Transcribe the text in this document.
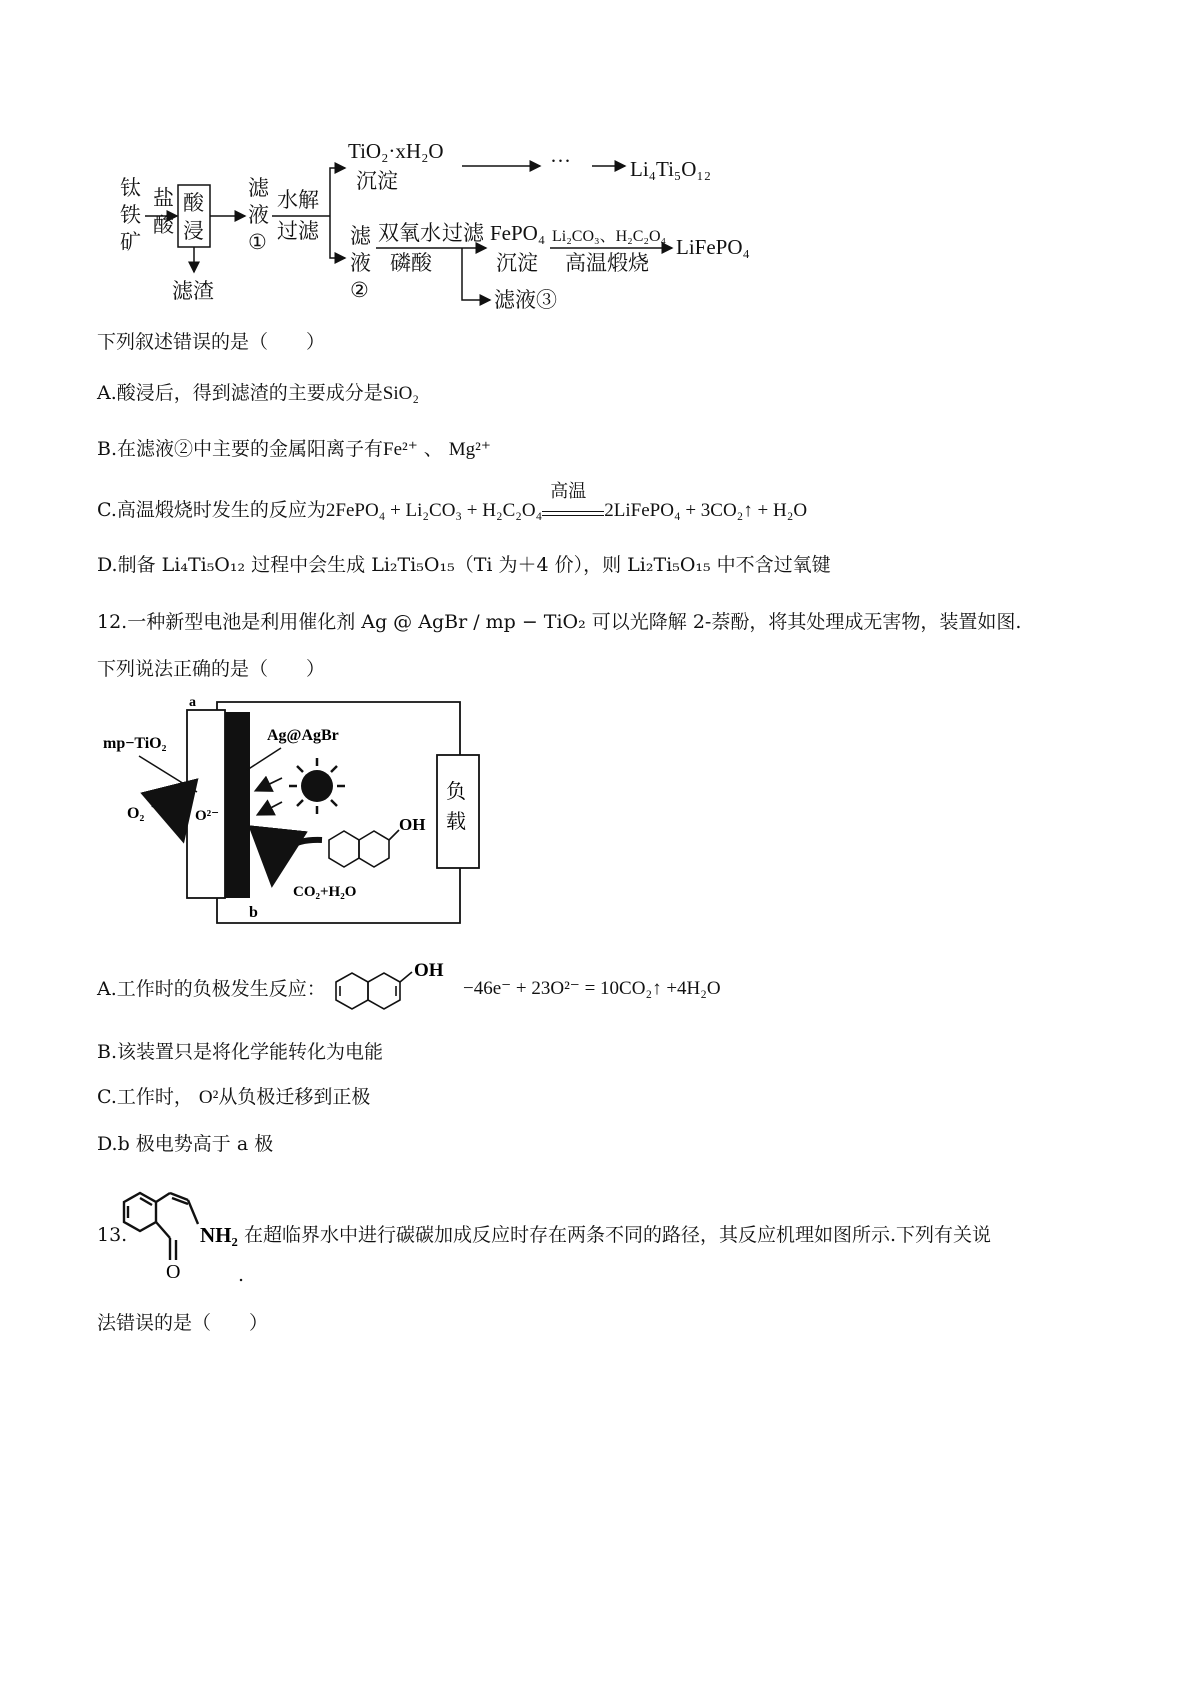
钛
铁
矿
盐
酸
酸
浸
滤渣
滤
液
①
水解
过滤 滤
液
②
双氧水
磷酸
过滤
沉淀
沉淀 高温煅烧
滤液③
TiO₂·xH₂O	···	Li₄Ti₅O₁₂
FePO₄ Li₂CO₃、H₂C₂O₄ LiFePO₄
下列叙述错误的是（　　）
A.酸浸后，得到滤渣的主要成分是SiO₂
B.在滤液②中主要的金属阳离子有Fe²⁺ 、 Mg²⁺
C.高温煅烧时发生的反应为2FePO₄ + Li₂CO₃ + H₂C₂O₄
高温
2LiFePO₄ + 3CO₂↑ + H₂O
D.制备 Li₄Ti₅O₁₂ 过程中会生成 Li₂Ti₅O₁₅（Ti 为＋4 价），则 Li₂Ti₅O₁₅ 中不含过氧键
12.一种新型电池是利用催化剂 Ag @ AgBr / mp − TiO₂ 可以光降解 2-萘酚，将其处理成无害物，装置如图.
下列说法正确的是（　　）
负
载
a
b
mp−TiO₂	Ag@AgBr
O²⁻
O₂
OH
CO₂+H₂O
A.工作时的负极发生反应：
OH
−46e⁻ + 23O²⁻ = 10CO₂↑ +4H₂O
B.该装置只是将化学能转化为电能
C.工作时， O²从负极迁移到正极
D.b 极电势高于 a 极
13.	NH₂
O
在超临界水中进行碳碳加成反应时存在两条不同的路径，其反应机理如图所示.下列有关说
.
法错误的是（　　）
